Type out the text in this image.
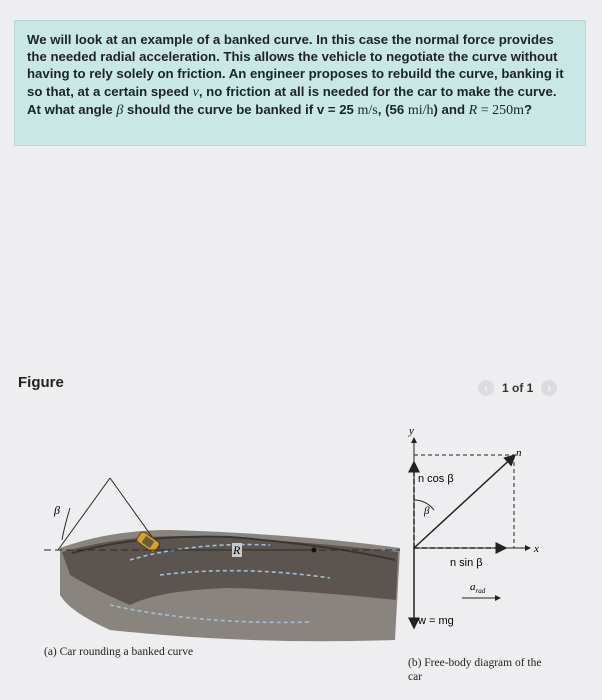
We will look at an example of a banked curve. In this case the normal force provides the needed radial acceleration. This allows the vehicle to negotiate the curve without having to rely solely on friction. An engineer proposes to rebuild the curve, banking it so that, at a certain speed v, no friction at all is needed for the car to make the curve. At what angle β should the curve be banked if v = 25 m/s, (56 mi/h) and R = 250m?

Figure	‹	1 of 1	›
β
R
(a) Car rounding a banked curve
y
x
n
n cos β
β
n sin β
$a_{rad}$
w = mg
(b) Free-body diagram of the car
